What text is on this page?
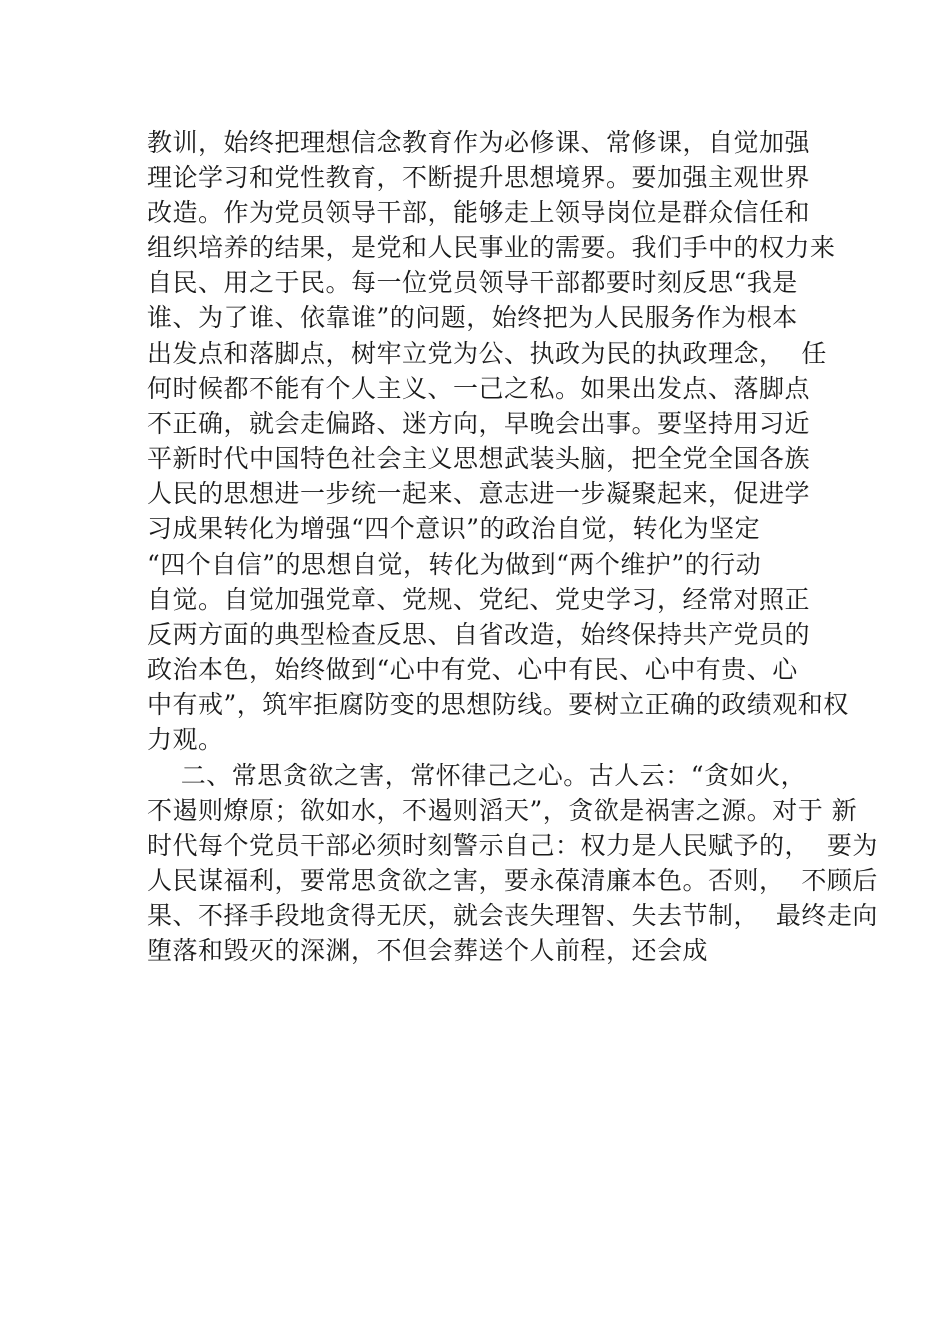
教训，始终把理想信念教育作为必修课、常修课，自觉加强
理论学习和党性教育，不断提升思想境界。要加强主观世界
改造。作为党员领导干部，能够走上领导岗位是群众信任和
组织培养的结果，是党和人民事业的需要。我们手中的权力来
自民、用之于民。每一位党员领导干部都要时刻反思“我是
谁、为了谁、依靠谁”的问题，始终把为人民服务作为根本
出发点和落脚点，树牢立党为公、执政为民的执政理念，  任
何时候都不能有个人主义、一己之私。如果出发点、落脚点
不正确，就会走偏路、迷方向，早晚会出事。要坚持用习近
平新时代中国特色社会主义思想武装头脑，把全党全国各族
人民的思想进一步统一起来、意志进一步凝聚起来，促进学
习成果转化为增强“四个意识”的政治自觉，转化为坚定
“四个自信”的思想自觉，转化为做到“两个维护”的行动
自觉。自觉加强党章、党规、党纪、党史学习，经常对照正
反两方面的典型检查反思、自省改造，始终保持共产党员的
政治本色，始终做到“心中有党、心中有民、心中有贵、心
中有戒”，筑牢拒腐防变的思想防线。要树立正确的政绩观和权
力观。
二、常思贪欲之害，常怀律己之心。古人云：“贪如火，
不遏则燎原；欲如水，不遏则滔天”，贪欲是祸害之源。对于 新
时代每个党员干部必须时刻警示自己：权力是人民赋予的，  要为
人民谋福利，要常思贪欲之害，要永葆清廉本色。否则，  不顾后
果、不择手段地贪得无厌，就会丧失理智、失去节制，  最终走向
堕落和毁灭的深渊，不但会葬送个人前程，还会成
